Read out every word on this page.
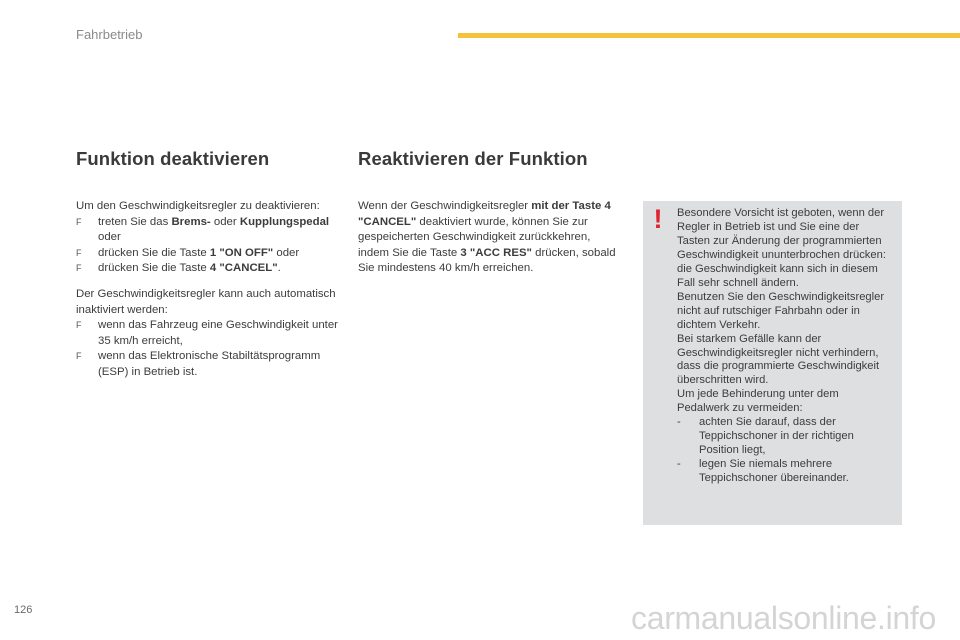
Fahrbetrieb
Funktion deaktivieren	Reaktivieren der Funktion

Um den Geschwindigkeitsregler zu deaktivieren:

F treten Sie das Brems- oder Kupplungspedal oder
F drücken Sie die Taste 1 "ON OFF" oder
F drücken Sie die Taste 4 "CANCEL".

Der Geschwindigkeitsregler kann auch automatisch inaktiviert werden:

F wenn das Fahrzeug eine Geschwindigkeit unter 35 km/h erreicht,
F wenn das Elektronische Stabiltätsprogramm (ESP) in Betrieb ist.

Wenn der Geschwindigkeitsregler mit der Taste 4 "CANCEL" deaktiviert wurde, können Sie zur gespeicherten Geschwindigkeit zurückkehren, indem Sie die Taste 3 "ACC RES" drücken, sobald Sie mindestens 40 km/h erreichen.

! Besondere Vorsicht ist geboten, wenn der Regler in Betrieb ist und Sie eine der Tasten zur Änderung der programmierten Geschwindigkeit ununterbrochen drücken: die Geschwindigkeit kann sich in diesem Fall sehr schnell ändern.

Benutzen Sie den Geschwindigkeitsregler nicht auf rutschiger Fahrbahn oder in dichtem Verkehr.

Bei starkem Gefälle kann der Geschwindigkeitsregler nicht verhindern, dass die programmierte Geschwindigkeit überschritten wird.

Um jede Behinderung unter dem Pedalwerk zu vermeiden:

- achten Sie darauf, dass der Teppichschoner in der richtigen Position liegt,
- legen Sie niemals mehrere Teppichschoner übereinander.
126	carmanualsonline.info
